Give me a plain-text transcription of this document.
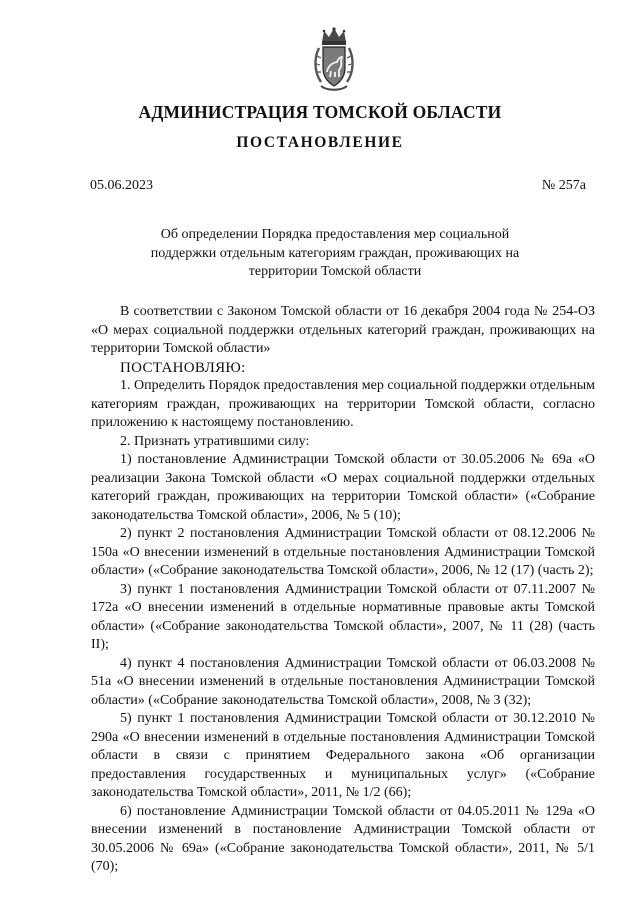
АДМИНИСТРАЦИЯ ТОМСКОЙ ОБЛАСТИ
ПОСТАНОВЛЕНИЕ
05.06.2023	№ 257а
Об определении Порядка предоставления мер социальной поддержки отдельным категориям граждан, проживающих на территории Томской области

В соответствии с Законом Томской области от 16 декабря 2004 года № 254-ОЗ «О мерах социальной поддержки отдельных категорий граждан, проживающих на территории Томской области»

ПОСТАНОВЛЯЮ:

1. Определить Порядок предоставления мер социальной поддержки отдельным категориям граждан, проживающих на территории Томской области, согласно приложению к настоящему постановлению.

2. Признать утратившими силу:

1) постановление Администрации Томской области от 30.05.2006 № 69а «О реализации Закона Томской области «О мерах социальной поддержки отдельных категорий граждан, проживающих на территории Томской области» («Собрание законодательства Томской области», 2006, № 5 (10);

2) пункт 2 постановления Администрации Томской области от 08.12.2006 № 150а «О внесении изменений в отдельные постановления Администрации Томской области» («Собрание законодательства Томской области», 2006, № 12 (17) (часть 2);

3) пункт 1 постановления Администрации Томской области от 07.11.2007 № 172а «О внесении изменений в отдельные нормативные правовые акты Томской области» («Собрание законодательства Томской области», 2007, № 11 (28) (часть II);

4) пункт 4 постановления Администрации Томской области от 06.03.2008 № 51а «О внесении изменений в отдельные постановления Администрации Томской области» («Собрание законодательства Томской области», 2008, № 3 (32);

5) пункт 1 постановления Администрации Томской области от 30.12.2010 № 290а «О внесении изменений в отдельные постановления Администрации Томской области в связи с принятием Федерального закона «Об организации предоставления государственных и муниципальных услуг» («Собрание законодательства Томской области», 2011, № 1/2 (66);

6) постановление Администрации Томской области от 04.05.2011 № 129а «О внесении изменений в постановление Администрации Томской области от 30.05.2006 № 69а» («Собрание законодательства Томской области», 2011, № 5/1 (70);
